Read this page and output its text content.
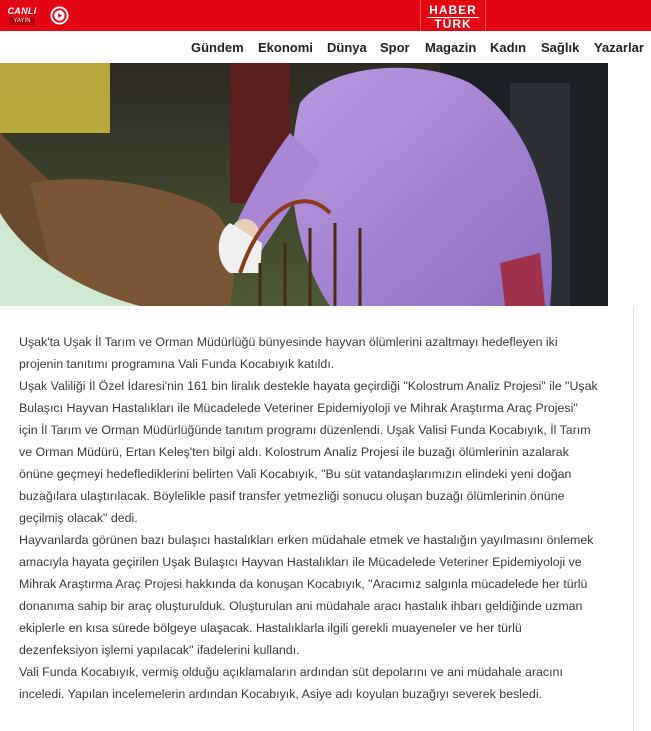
CANLI
YAYIN
HABER
TÜRK
Gündem Ekonomi Dünya Spor Magazin Kadın Sağlık Yazarlar

Uşak'ta Uşak İl Tarım ve Orman Müdürlüğü bünyesinde hayvan ölümlerini azaltmayı hedefleyen iki projenin tanıtımı programına Vali Funda Kocabıyık katıldı.

Uşak Valiliği İl Özel İdaresi'nin 161 bin liralık destekle hayata geçirdiği "Kolostrum Analiz Projesi" ile "Uşak Bulaşıcı Hayvan Hastalıkları ile Mücadelede Veteriner Epidemiyoloji ve Mihrak Araştırma Araç Projesi" için İl Tarım ve Orman Müdürlüğünde tanıtım programı düzenlendi. Uşak Valisi Funda Kocabıyık, İl Tarım ve Orman Müdürü, Ertan Keleş'ten bilgi aldı. Kolostrum Analiz Projesi ile buzağı ölümlerinin azalarak önüne geçmeyi hedeflediklerini belirten Vali Kocabıyık, "Bu süt vatandaşlarımızın elindeki yeni doğan buzağılara ulaştırılacak. Böylelikle pasif transfer yetmezliği sonucu oluşan buzağı ölümlerinin önüne geçilmiş olacak" dedi.

Hayvanlarda görünen bazı bulaşıcı hastalıkları erken müdahale etmek ve hastalığın yayılmasını önlemek amacıyla hayata geçirilen Uşak Bulaşıcı Hayvan Hastalıkları ile Mücadelede Veteriner Epidemiyoloji ve Mihrak Araştırma Araç Projesi hakkında da konuşan Kocabıyık, "Aracımız salgınla mücadelede her türlü donanıma sahip bir araç oluşturulduk. Oluşturulan ani müdahale aracı hastalık ihbarı geldiğinde uzman ekiplerle en kısa sürede bölgeye ulaşacak. Hastalıklarla ilgili gerekli muayeneler ve her türlü dezenfeksiyon işlemi yapılacak" ifadelerini kullandı.

Vali Funda Kocabıyık, vermiş olduğu açıklamaların ardından süt depolarını ve ani müdahale aracını inceledi. Yapılan incelemelerin ardından Kocabıyık, Asiye adı koyulan buzağıyı severek besledi.
